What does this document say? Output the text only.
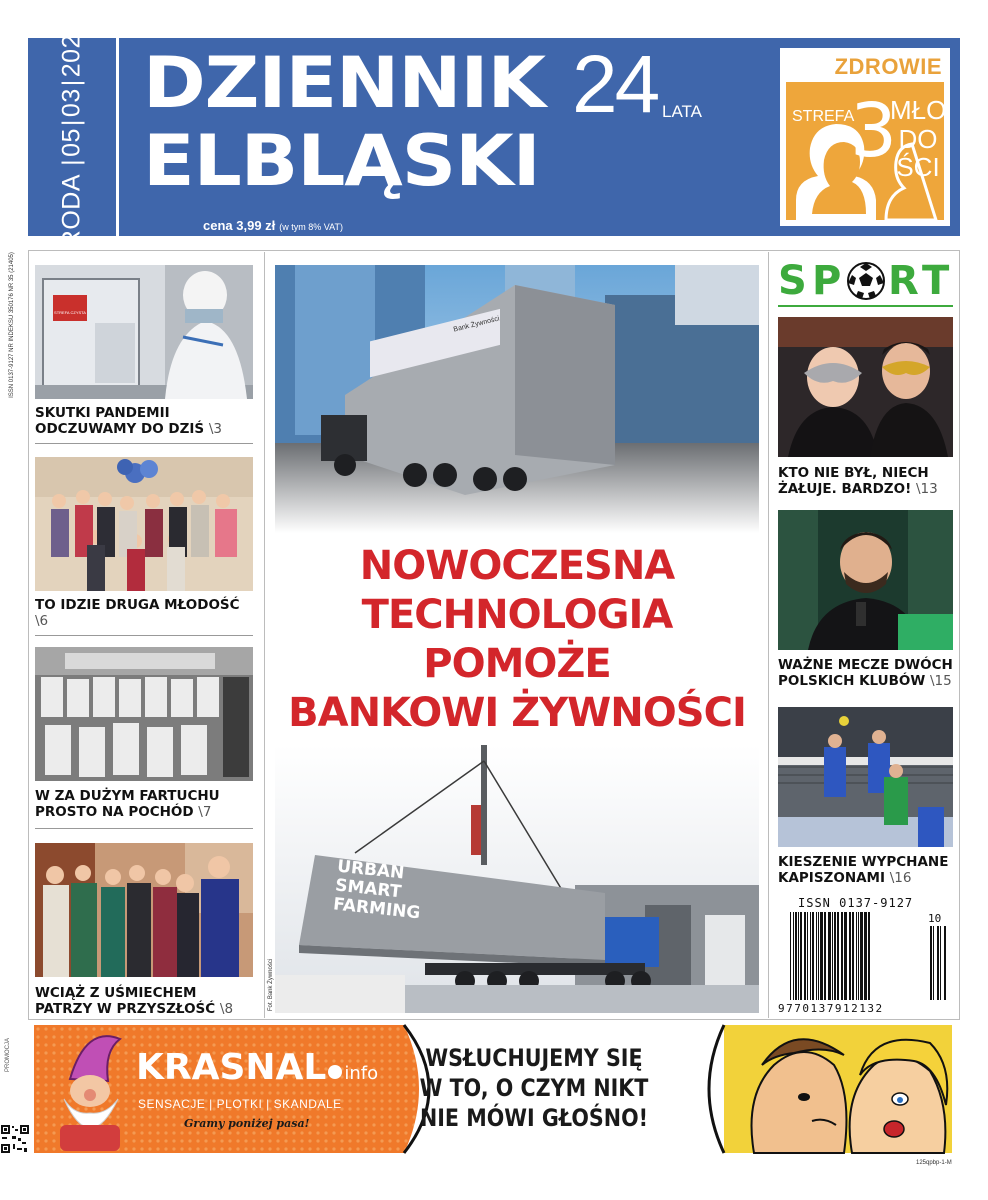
ŚRODA |05|03|2025|
DZIENNIK
ELBLĄSKI
24 LATA
cena 3,99 zł (w tym 8% VAT)
ZDROWIE
STREFA
3
MŁO
DO
ŚCI
ISSN 0137-9127 NR INDEKSU 350176 NR 35 (21405)	STREFA CZYSTA
SKUTKI PANDEMII ODCZUWAMY DO DZIŚ \3
TO IDZIE DRUGA MŁODOŚĆ \6
W ZA DUŻYM FARTUCHU PROSTO NA POCHÓD \7
WCIĄŻ Z UŚMIECHEM PATRZY W PRZYSZŁOŚĆ \8
Bank Żywności
NOWOCZESNA
TECHNOLOGIA
POMOŻE
BANKOWI ŻYWNOŚCI
URBAN
SMART
FARMING
Fot. Bank Żywności
S P R T
KTO NIE BYŁ, NIECH ŻAŁUJE. BARDZO! \13
WAŻNE MECZE DWÓCH POLSKICH KLUBÓW \15
KIESZENIE WYPCHANE KAPISZONAMI \16
ISSN 0137-9127
9770137912132
10
PROMOCJA	KRASNAL info
SENSACJE | PLOTKI | SKANDALE
Gramy poniżej pasa!
WSŁUCHUJEMY SIĘ
W TO, O CZYM NIKT
NIE MÓWI GŁOŚNO!
125qpbp-1-M
